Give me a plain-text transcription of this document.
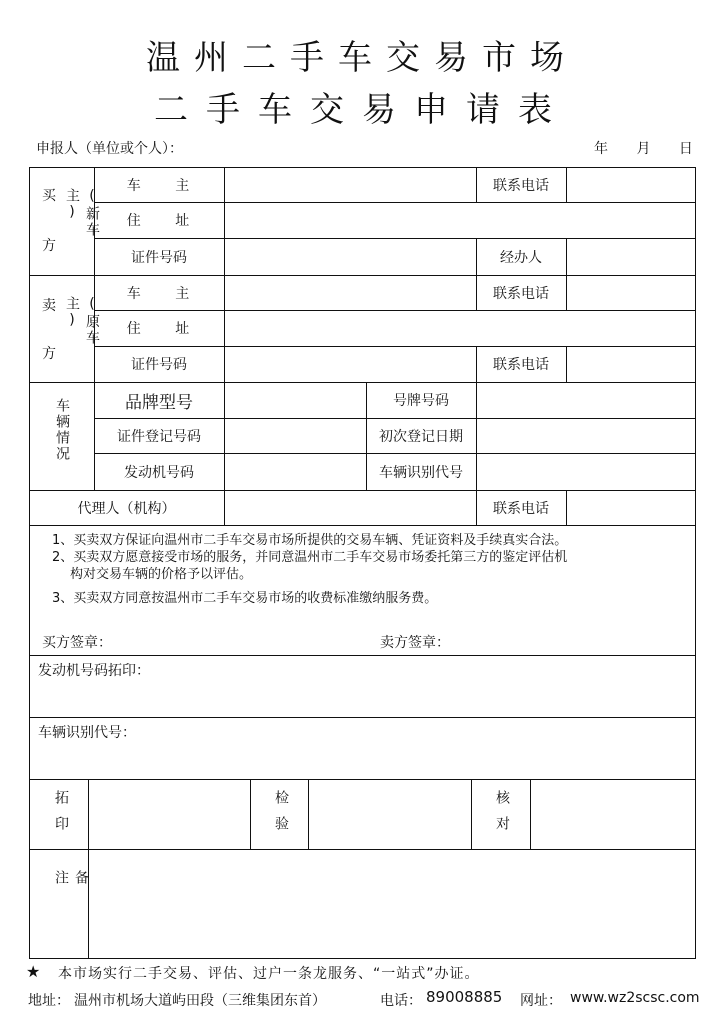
温州二手车交易市场
二手车交易申请表
申报人（单位或个人）：	年 月 日
买
方
(新车主)
车 主	联系电话
住 址
证件号码	经办人
卖
方
(原车主)
车 主	联系电话
住 址
证件号码	联系电话
车辆情况	品牌型号	号牌号码
证件登记号码	初次登记日期
发动机号码	车辆识别代号
代理人（机构）	联系电话
1、买卖双方保证向温州市二手车交易市场所提供的交易车辆、凭证资料及手续真实合法。
2、买卖双方愿意接受市场的服务，并同意温州市二手车交易市场委托第三方的鉴定评估机
构对交易车辆的价格予以评估。
3、买卖双方同意按温州市二手车交易市场的收费标准缴纳服务费。
买方签章：	卖方签章：
发动机号码拓印：
车辆识别代号：
拓印	检验	核对
备注
★ 本市场实行二手交易、评估、过户一条龙服务、“一站式”办证。
地址： 温州市机场大道屿田段（三维集团东首）	电话： 89008885 网址： www.wz2scsc.com
